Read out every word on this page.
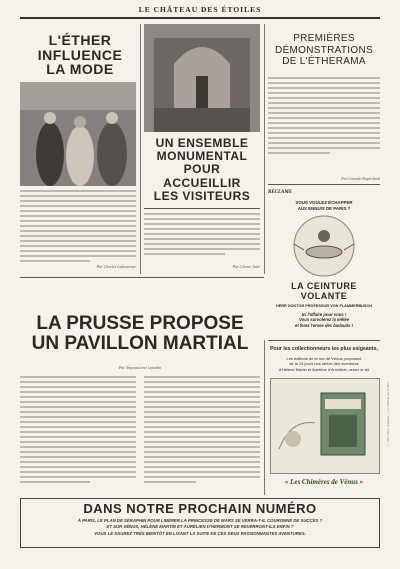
LE CHÂTEAU DES ÉTOILES
L'ÉTHER
INFLUENCE
LA MODE
Par Charles Laboureuse
UN ENSEMBLE
MONUMENTAL
POUR ACCUEILLIR
LES VISITEURS
Par Céleste Jatté
PREMIÈRES
DÉMONSTRATIONS
DE L'ÉTHERAMA
Par Léonide Dupéchard
RÉCLAME
VOUS VOULEZ ÉCHAPPER
AUX ENNUIS DE PARIS ?
LA CEINTURE VOLANTE
HERR DOKTOR PROFESSOR VON FLAMMERBUSCH
Ici l'affaire pour vous !
Vous survolerez la mêlée
et ferez l'envie des badauds !
LA PRUSSE PROPOSE
UN PAVILLON MARTIAL
Par Nepomucène Lejardin
Pour les collectionneurs les plus exigeants,
Les éditions de la rue de Vénus proposent
de la 24 jours nos séries des aventures
d'Hélène Martin et Auréline d'Aminthel, venez le tôt
« Les Chimères de Vénus »
DANS NOTRE PROCHAIN NUMÉRO
À PARIS, LE PLAN DE SÉRAPHIN POUR LIBÉRER LA PRINCESSE DE MARS SE VERRA-T-IL COURONNÉ DE SUCCÈS ?
ET SUR VÉNUS, HÉLÈNE MARTIN ET AURÉLIEN D'HERMONT SE REVERRONT-ILS ENFIN ?
VOUS LE SAUREZ TRÈS BIENTÔT EN LISANT LA SUITE DE CES DEUX PASSIONNANTES AVENTURES.
© Alex Alice, Dargaud — Le Château des Étoiles
